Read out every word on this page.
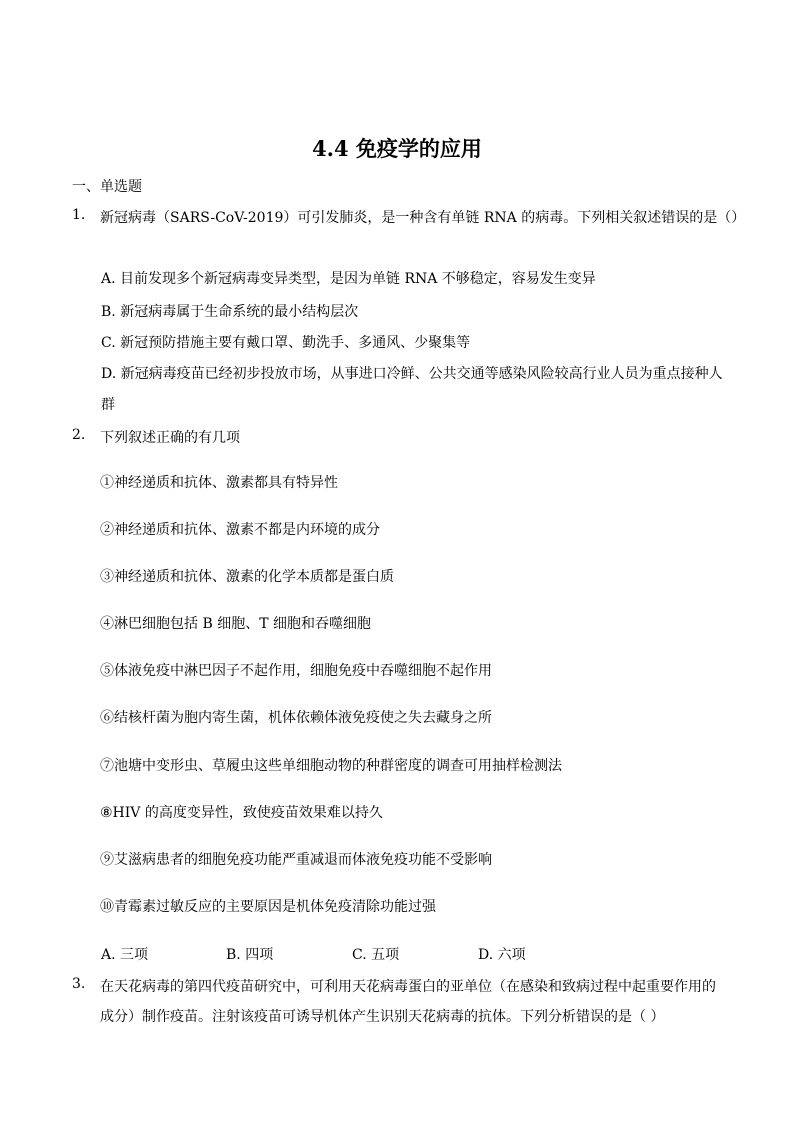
4.4 免疫学的应用
一、单选题
1. 新冠病毒（SARS-CoV-2019）可引发肺炎，是一种含有单链 RNA 的病毒。下列相关叙述错误的是（）
A. 目前发现多个新冠病毒变异类型，是因为单链 RNA 不够稳定，容易发生变异
B. 新冠病毒属于生命系统的最小结构层次
C. 新冠预防措施主要有戴口罩、勤洗手、多通风、少聚集等
D. 新冠病毒疫苗已经初步投放市场，从事进口冷鲜、公共交通等感染风险较高行业人员为重点接种人
群
2. 下列叙述正确的有几项
①神经递质和抗体、激素都具有特异性
②神经递质和抗体、激素不都是内环境的成分
③神经递质和抗体、激素的化学本质都是蛋白质
④淋巴细胞包括 B 细胞、T 细胞和吞噬细胞
⑤体液免疫中淋巴因子不起作用，细胞免疫中吞噬细胞不起作用
⑥结核杆菌为胞内寄生菌，机体依赖体液免疫使之失去藏身之所
⑦池塘中变形虫、草履虫这些单细胞动物的种群密度的调查可用抽样检测法
⑧HIV 的高度变异性，致使疫苗效果难以持久
⑨艾滋病患者的细胞免疫功能严重减退而体液免疫功能不受影响
⑩青霉素过敏反应的主要原因是机体免疫清除功能过强
A. 三项	B. 四项	C. 五项	D. 六项
3. 在天花病毒的第四代疫苗研究中，可利用天花病毒蛋白的亚单位（在感染和致病过程中起重要作用的
成分）制作疫苗。注射该疫苗可诱导机体产生识别天花病毒的抗体。下列分析错误的是（ ）
